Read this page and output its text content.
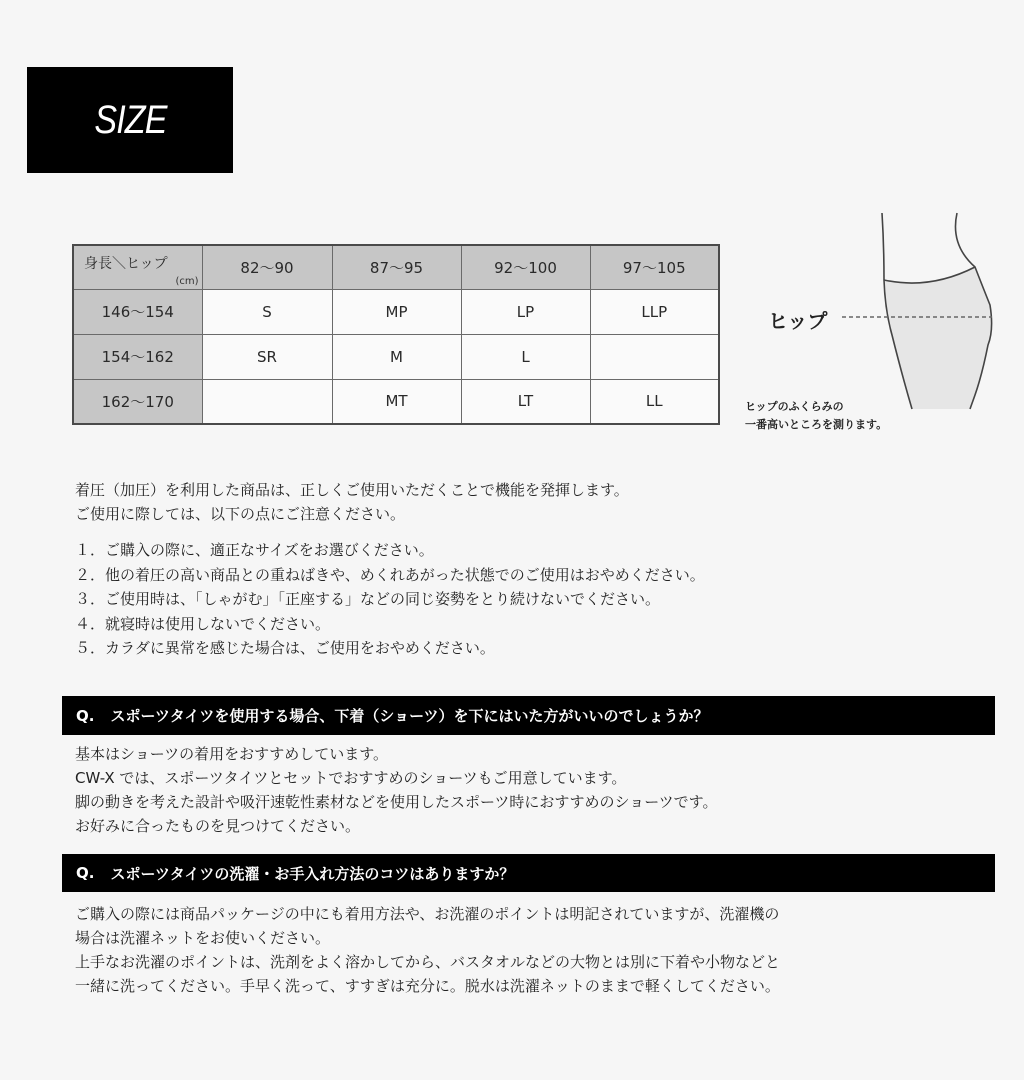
SIZE
身長＼ヒップ
(cm)	82〜90	87〜95	92〜100	97〜105
146〜154	S	MP	LP	LLP
154〜162	SR	M	L	
162〜170		MT	LT	LL
ヒップ
ヒップのふくらみの
一番高いところを測ります。
着圧（加圧）を利用した商品は、正しくご使用いただくことで機能を発揮します。
ご使用に際しては、以下の点にご注意ください。
１．ご購入の際に、適正なサイズをお選びください。
２．他の着圧の高い商品との重ねばきや、めくれあがった状態でのご使用はおやめください。
３．ご使用時は、「しゃがむ」「正座する」などの同じ姿勢をとり続けないでください。
４．就寝時は使用しないでください。
５．カラダに異常を感じた場合は、ご使用をおやめください。
Q. スポーツタイツを使用する場合、下着（ショーツ）を下にはいた方がいいのでしょうか？
基本はショーツの着用をおすすめしています。
CW-X では、スポーツタイツとセットでおすすめのショーツもご用意しています。
脚の動きを考えた設計や吸汗速乾性素材などを使用したスポーツ時におすすめのショーツです。
お好みに合ったものを見つけてください。
Q. スポーツタイツの洗濯・お手入れ方法のコツはありますか？
ご購入の際には商品パッケージの中にも着用方法や、お洗濯のポイントは明記されていますが、洗濯機の
場合は洗濯ネットをお使いください。
上手なお洗濯のポイントは、洗剤をよく溶かしてから、バスタオルなどの大物とは別に下着や小物などと
一緒に洗ってください。手早く洗って、すすぎは充分に。脱水は洗濯ネットのままで軽くしてください。
